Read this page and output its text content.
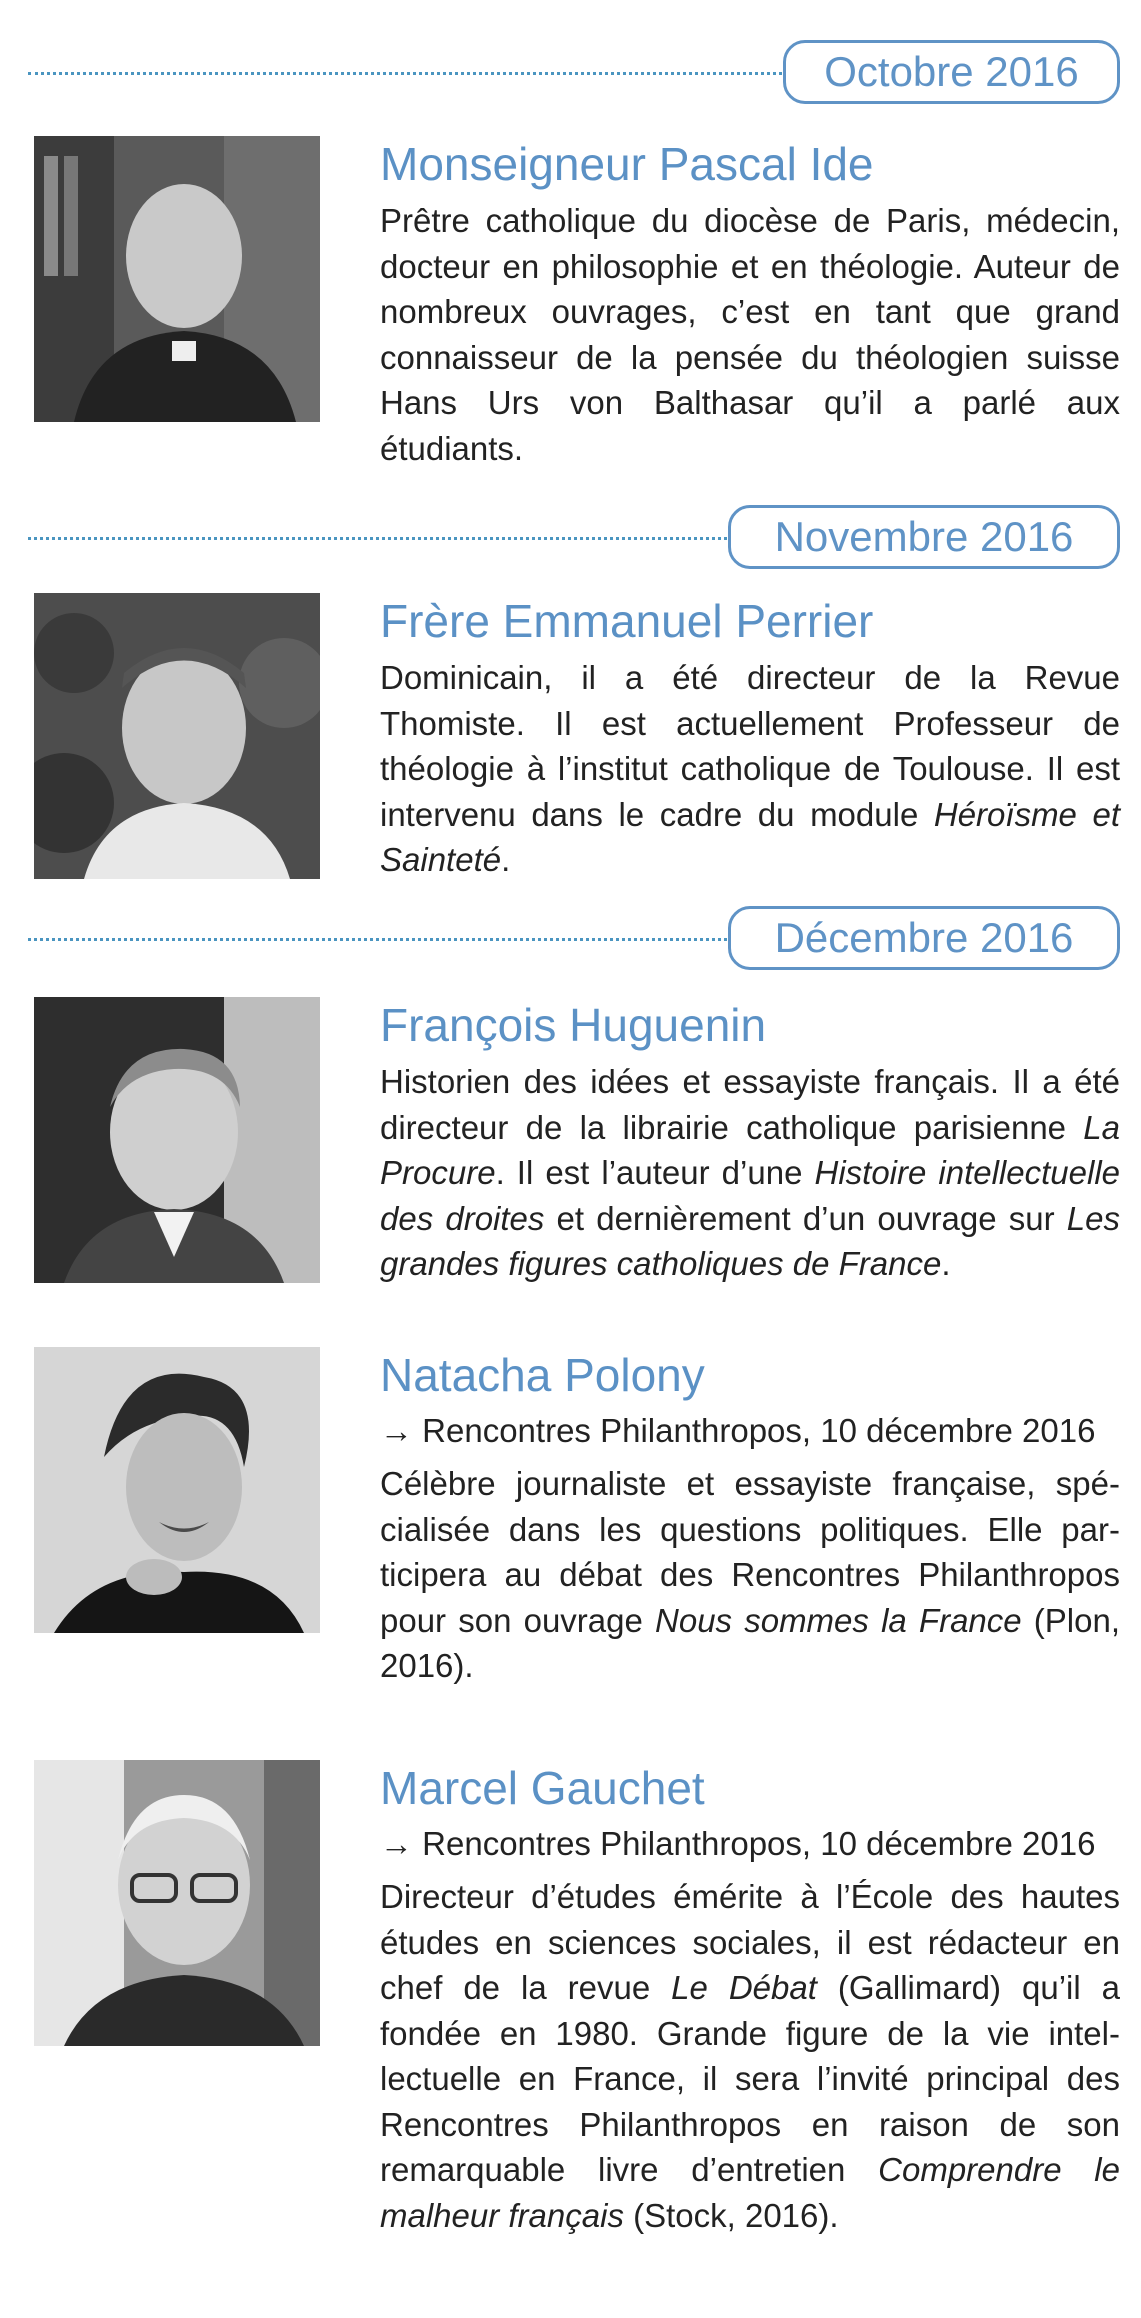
Octobre 2016
Monseigneur Pascal Ide

Prêtre catholique du diocèse de Paris, médecin, docteur en philosophie et en théologie. Auteur de nombreux ouvrages, c’est en tant que grand connaisseur de la pensée du théologien suisse Hans Urs von Balthasar qu’il a parlé aux étudiants.

Novembre 2016
Frère Emmanuel Perrier

Dominicain, il a été directeur de la Revue Thomiste. Il est actuellement Professeur de théologie à l’institut catholique de Toulouse. Il est intervenu dans le cadre du module Héroïsme et Sainteté.

Décembre 2016
François Huguenin

Historien des idées et essayiste français. Il a été directeur de la librairie catholique parisienne La Procure. Il est l’auteur d’une Histoire intellectuelle des droites et dernièrement d’un ouvrage sur Les grandes figures catholiques de France.

Natacha Polony

→ Rencontres Philanthropos, 10 décembre 2016

Célèbre journaliste et essayiste française, spécialisée dans les questions politiques. Elle participera au débat des Rencontres Philanthropos pour son ouvrage Nous sommes la France (Plon, 2016).

Marcel Gauchet

→ Rencontres Philanthropos, 10 décembre 2016

Directeur d’études émérite à l’École des hautes études en sciences sociales, il est rédacteur en chef de la revue Le Débat (Gallimard) qu’il a fondée en 1980. Grande figure de la vie intellectuelle en France, il sera l’invité principal des Rencontres Philanthropos en raison de son remarquable livre d’entretien Comprendre le malheur français (Stock, 2016).
